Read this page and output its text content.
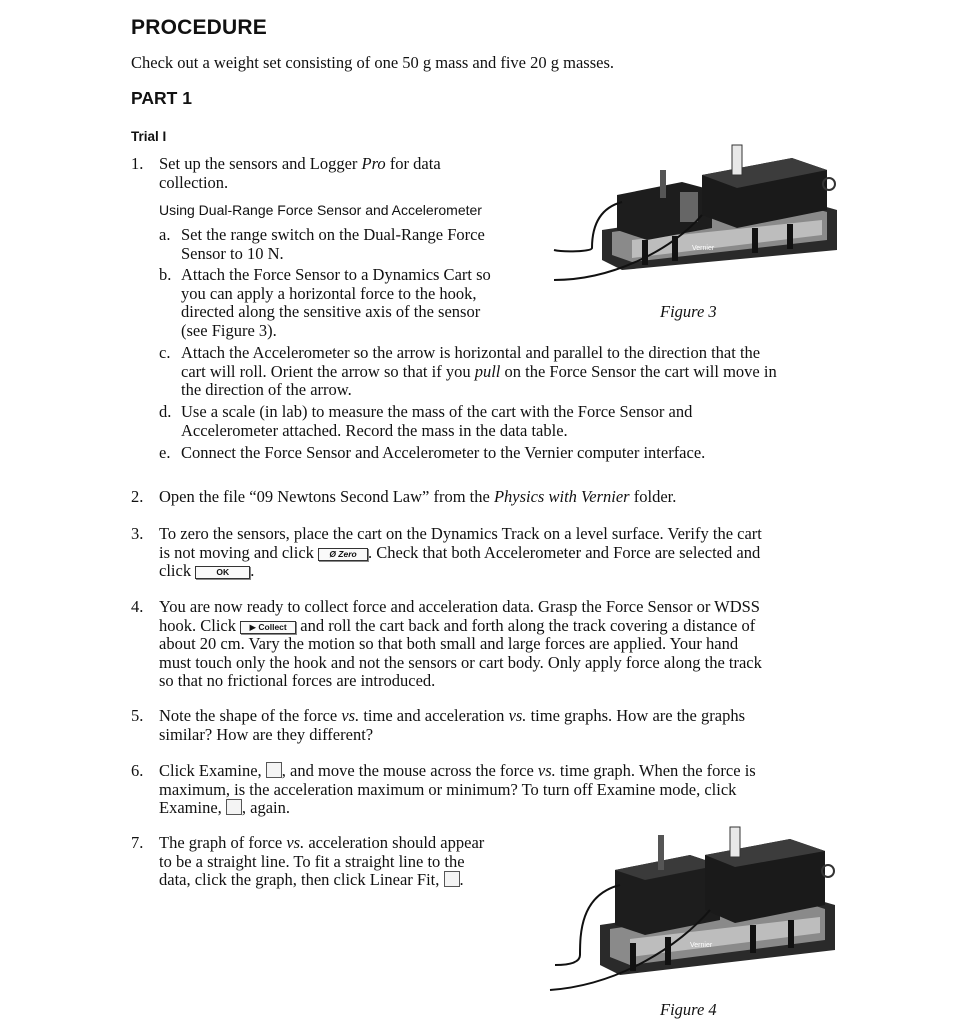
PROCEDURE
Check out a weight set consisting of one 50 g mass and five 20 g masses.
PART 1
Trial I
1. Set up the sensors and Logger Pro for data
collection.
Using Dual-Range Force Sensor and Accelerometer
a. Set the range switch on the Dual-Range Force
Sensor to 10 N.
b. Attach the Force Sensor to a Dynamics Cart so
you can apply a horizontal force to the hook,
directed along the sensitive axis of the sensor
(see Figure 3).
c. Attach the Accelerometer so the arrow is horizontal and parallel to the direction that the
cart will roll. Orient the arrow so that if you pull on the Force Sensor the cart will move in
the direction of the arrow.
d. Use a scale (in lab) to measure the mass of the cart with the Force Sensor and
Accelerometer attached. Record the mass in the data table.
e. Connect the Force Sensor and Accelerometer to the Vernier computer interface.
Vernier
Figure 3
2. Open the file “09 Newtons Second Law” from the Physics with Vernier folder.
3. To zero the sensors, place the cart on the Dynamics Track on a level surface. Verify the cart
is not moving and click Ø Zero . Check that both Accelerometer and Force are selected and
click	OK .
4. You are now ready to collect force and acceleration data. Grasp the Force Sensor or WDSS
hook. Click ▶ Collect and roll the cart back and forth along the track covering a distance of
about 20 cm. Vary the motion so that both small and large forces are applied. Your hand
must touch only the hook and not the sensors or cart body. Only apply force along the track
so that no frictional forces are introduced.
5. Note the shape of the force vs. time and acceleration vs. time graphs. How are the graphs
similar? How are they different?
6. Click Examine, , and move the mouse across the force vs. time graph. When the force is
maximum, is the acceleration maximum or minimum? To turn off Examine mode, click
Examine, , again.
7. The graph of force vs. acceleration should appear
to be a straight line. To fit a straight line to the
data, click the graph, then click Linear Fit, .
Vernier
Figure 4
